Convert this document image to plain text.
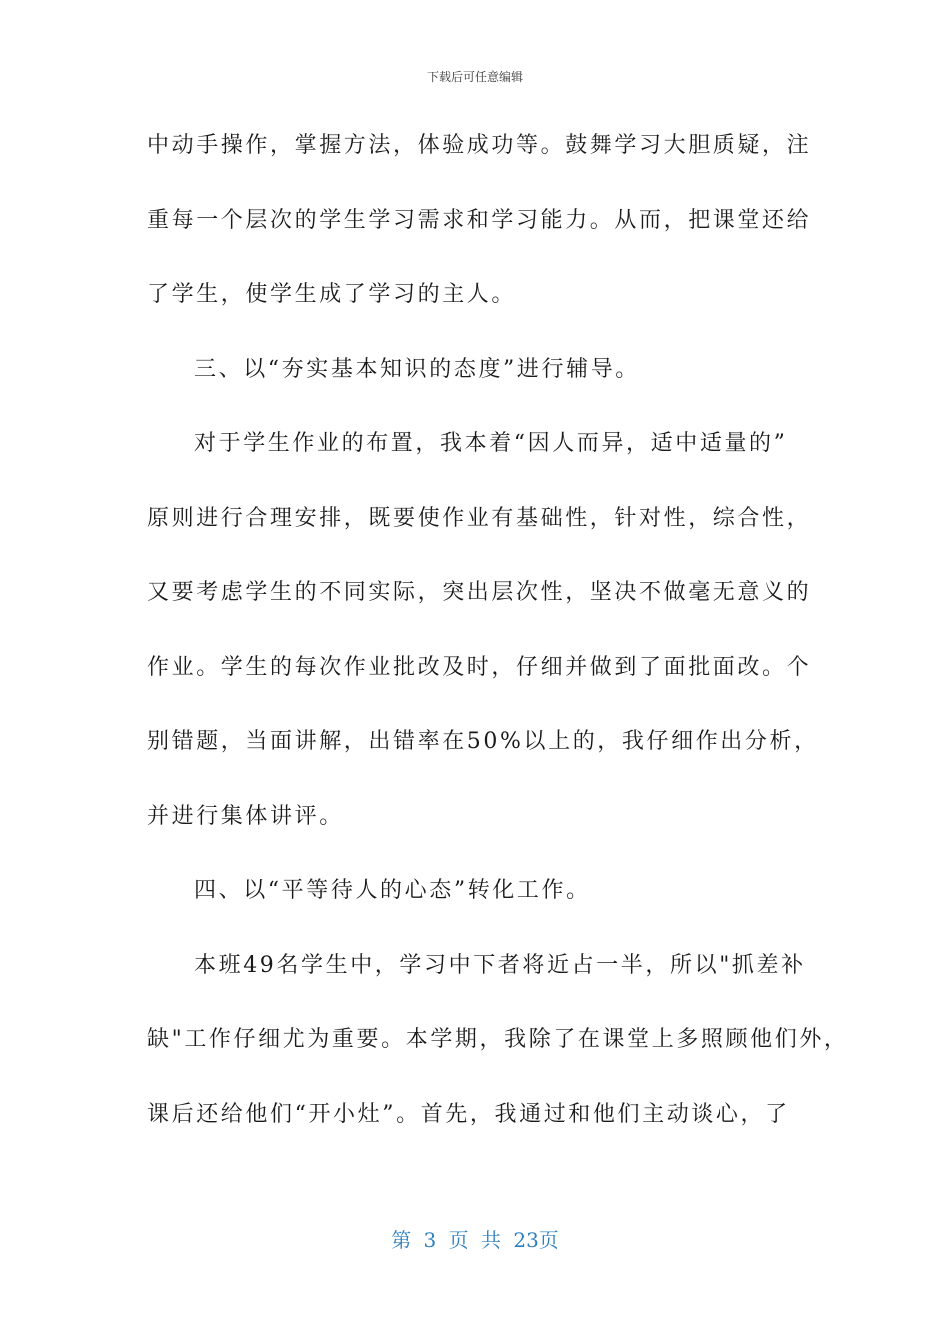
下载后可任意编辑
中动手操作，掌握方法，体验成功等。鼓舞学习大胆质疑，注
重每一个层次的学生学习需求和学习能力。从而，把课堂还给
了学生，使学生成了学习的主人。
三、以“夯实基本知识的态度”进行辅导。
对于学生作业的布置，我本着“因人而异，适中适量的”
原则进行合理安排，既要使作业有基础性，针对性，综合性，
又要考虑学生的不同实际，突出层次性，坚决不做毫无意义的
作业。学生的每次作业批改及时，仔细并做到了面批面改。个
别错题，当面讲解，出错率在50%以上的，我仔细作出分析，
并进行集体讲评。
四、以“平等待人的心态”转化工作。
本班49名学生中，学习中下者将近占一半，所以"抓差补
缺"工作仔细尤为重要。本学期，我除了在课堂上多照顾他们外，
课后还给他们“开小灶”。首先，我通过和他们主动谈心，了
第 3 页 共 23页
